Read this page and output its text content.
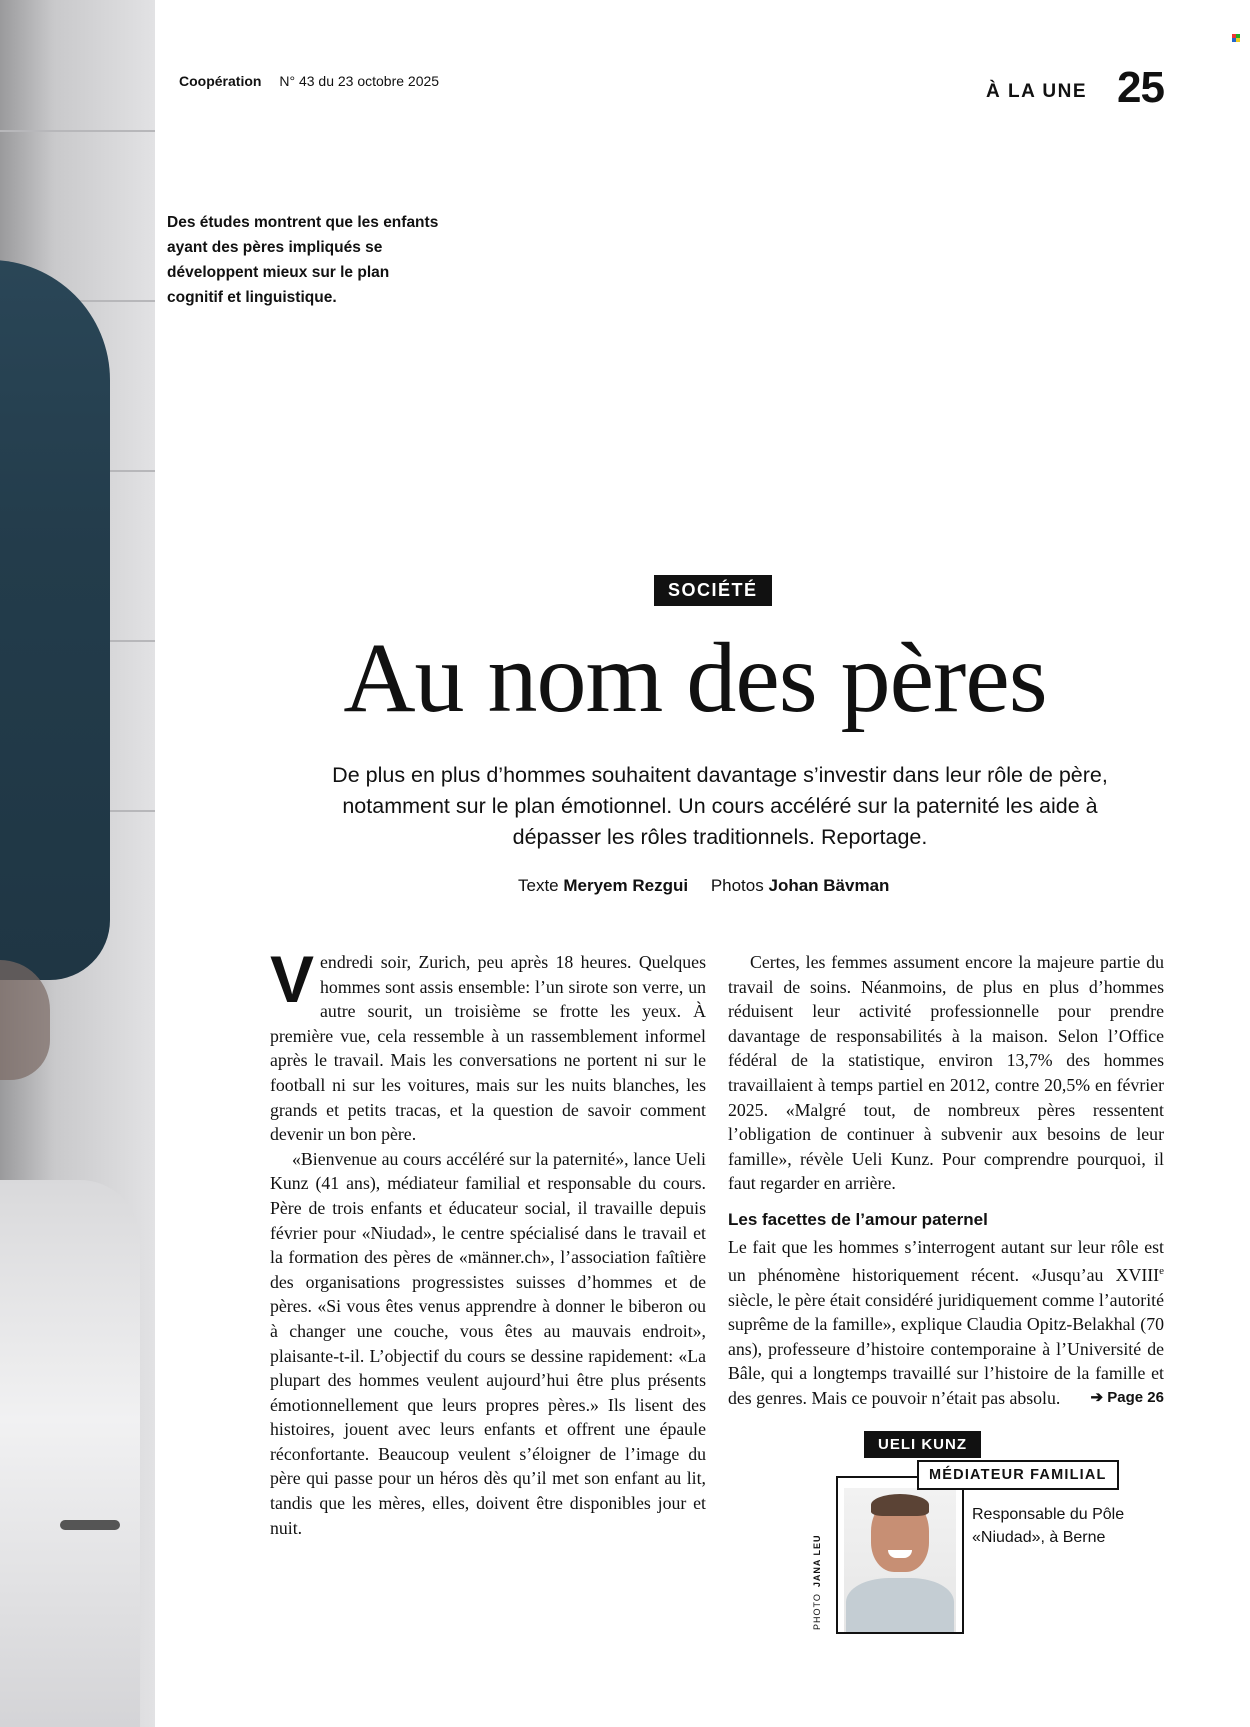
Coopération N° 43 du 23 octobre 2025	À LA UNE 25
Des études montrent que les enfants ayant des pères impliqués se développent mieux sur le plan cognitif et linguistique.
SOCIÉTÉ
Au nom des pères
De plus en plus d’hommes souhaitent davantage s’investir dans leur rôle de père, notamment sur le plan émotionnel. Un cours accéléré sur la paternité les aide à dépasser les rôles traditionnels. Reportage.
Texte Meryem Rezgui Photos Johan Bävman

Vendredi soir, Zurich, peu après 18 heures. Quelques hommes sont assis ensemble: l’un sirote son verre, un autre sourit, un troisième se frotte les yeux. À première vue, cela ressemble à un rassemblement informel après le travail. Mais les conversations ne portent ni sur le football ni sur les voitures, mais sur les nuits blanches, les grands et petits tracas, et la question de savoir comment devenir un bon père.

«Bienvenue au cours accéléré sur la paternité», lance Ueli Kunz (41 ans), médiateur familial et responsable du cours. Père de trois enfants et éducateur social, il travaille depuis février pour «Niudad», le centre spécialisé dans le travail et la formation des pères de «männer.ch», l’association faîtière des organisations progressistes suisses d’hommes et de pères. «Si vous êtes venus apprendre à donner le biberon ou à changer une couche, vous êtes au mauvais endroit», plaisante-t-il. L’objectif du cours se dessine rapidement: «La plupart des hommes veulent aujourd’hui être plus présents émotionnellement que leurs propres pères.» Ils lisent des histoires, jouent avec leurs enfants et offrent une épaule réconfortante. Beaucoup veulent s’éloigner de l’image du père qui passe pour un héros dès qu’il met son enfant au lit, tandis que les mères, elles, doivent être disponibles jour et nuit.

Certes, les femmes assument encore la majeure partie du travail de soins. Néanmoins, de plus en plus d’hommes réduisent leur activité professionnelle pour prendre davantage de responsabilités à la maison. Selon l’Office fédéral de la statistique, environ 13,7% des hommes travaillaient à temps partiel en 2012, contre 20,5% en février 2025. «Malgré tout, de nombreux pères ressentent l’obligation de continuer à subvenir aux besoins de leur famille», révèle Ueli Kunz. Pour comprendre pourquoi, il faut regarder en arrière.

Les facettes de l’amour paternel

Le fait que les hommes s’interrogent autant sur leur rôle est un phénomène historiquement récent. «Jusqu’au XVIIIe siècle, le père était considéré juridiquement comme l’autorité suprême de la famille», explique Claudia Opitz-Belakhal (70 ans), professeure d’histoire contemporaine à l’Université de Bâle, qui a longtemps travaillé sur l’histoire de la famille et des genres. Mais ce pouvoir n’était pas absolu. ➔ Page 26

UELI KUNZ
MÉDIATEUR FAMILIAL
PHOTOJANA LEU
Responsable du Pôle «Niudad», à Berne
